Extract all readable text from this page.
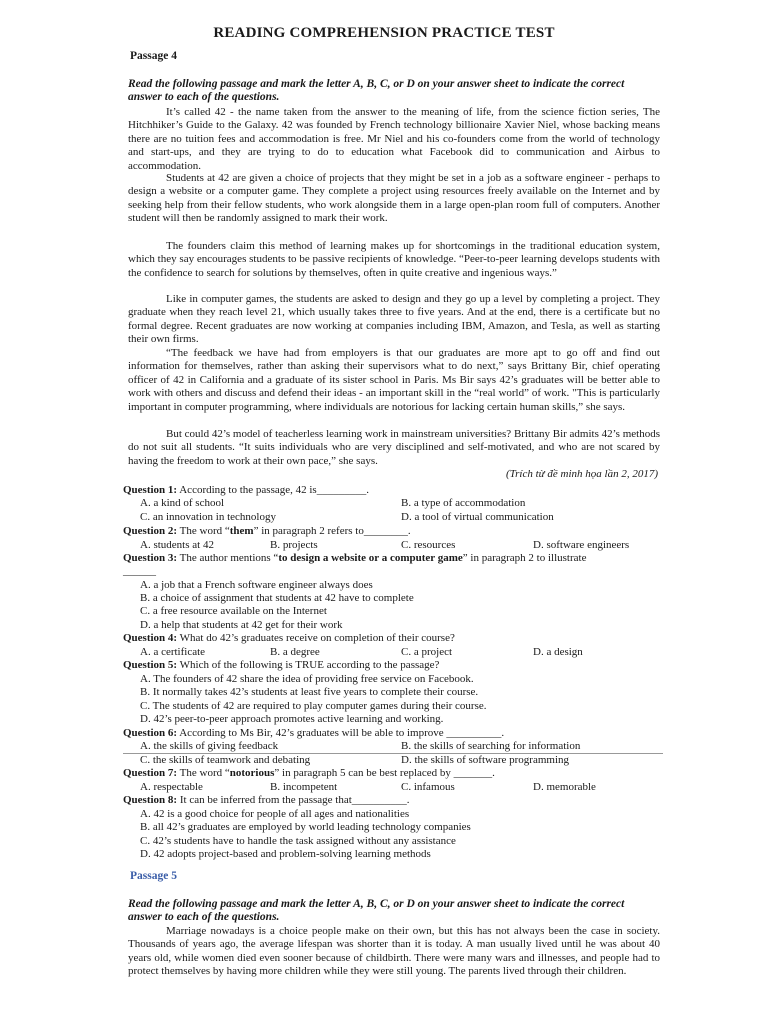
READING COMPREHENSION PRACTICE TEST
Passage 4
Read the following passage and mark the letter A, B, C, or D on your answer sheet to indicate the correct answer to each of the questions.
It’s called 42 - the name taken from the answer to the meaning of life, from the science fiction series, The Hitchhiker’s Guide to the Galaxy. 42 was founded by French technology billionaire Xavier Niel, whose backing means there are no tuition fees and accommodation is free. Mr Niel and his co-founders come from the world of technology and start-ups, and they are trying to do to education what Facebook did to communication and Airbus to accommodation.
Students at 42 are given a choice of projects that they might be set in a job as a software engineer - perhaps to design a website or a computer game. They complete a project using resources freely available on the Internet and by seeking help from their fellow students, who work alongside them in a large open-plan room full of computers. Another student will then be randomly assigned to mark their work.
The founders claim this method of learning makes up for shortcomings in the traditional education system, which they say encourages students to be passive recipients of knowledge. “Peer-to-peer learning develops students with the confidence to search for solutions by themselves, often in quite creative and ingenious ways.”
Like in computer games, the students are asked to design and they go up a level by completing a project. They graduate when they reach level 21, which usually takes three to five years. And at the end, there is a certificate but no formal degree. Recent graduates are now working at companies including IBM, Amazon, and Tesla, as well as starting their own firms.
“The feedback we have had from employers is that our graduates are more apt to go off and find out information for themselves, rather than asking their supervisors what to do next,” says Brittany Bir, chief operating officer of 42 in California and a graduate of its sister school in Paris. Ms Bir says 42’s graduates will be better able to work with others and discuss and defend their ideas - an important skill in the “real world” of work. "This is particularly important in computer programming, where individuals are notorious for lacking certain human skills,” she says.
But could 42’s model of teacherless learning work in mainstream universities? Brittany Bir admits 42’s methods do not suit all students. “It suits individuals who are very disciplined and self-motivated, and who are not scared by having the freedom to work at their own pace,” she says.
(Trích từ đề minh họa lần 2, 2017)
Question 1: According to the passage, 42 is_________.
A. a kind of school	B. a type of accommodation
C. an innovation in technology	D. a tool of virtual communication
Question 2: The word “them” in paragraph 2 refers to________.
A. students at 42	B. projects	C. resources	D. software engineers
Question 3: The author mentions “to design a website or a computer game” in paragraph 2 to illustrate
______
A. a job that a French software engineer always does
B. a choice of assignment that students at 42 have to complete
C. a free resource available on the Internet
D. a help that students at 42 get for their work
Question 4: What do 42’s graduates receive on completion of their course?
A. a certificate	B. a degree	C. a project	D. a design
Question 5: Which of the following is TRUE according to the passage?
A. The founders of 42 share the idea of providing free service on Facebook.
B. It normally takes 42’s students at least five years to complete their course.
C. The students of 42 are required to play computer games during their course.
D. 42’s peer-to-peer approach promotes active learning and working.
Question 6: According to Ms Bir, 42’s graduates will be able to improve __________.
A. the skills of giving feedback	B. the skills of searching for information
C. the skills of teamwork and debating	D. the skills of software programming
Question 7: The word “notorious” in paragraph 5 can be best replaced by _______.
A. respectable	B. incompetent	C. infamous	D. memorable
Question 8: It can be inferred from the passage that__________.
A. 42 is a good choice for people of all ages and nationalities
B. all 42’s graduates are employed by world leading technology companies
C. 42’s students have to handle the task assigned without any assistance
D. 42 adopts project-based and problem-solving learning methods
Passage 5
Read the following passage and mark the letter A, B, C, or D on your answer sheet to indicate the correct answer to each of the questions.
Marriage nowadays is a choice people make on their own, but this has not always been the case in society. Thousands of years ago, the average lifespan was shorter than it is today. A man usually lived until he was about 40 years old, while women died even sooner because of childbirth. There were many wars and illnesses, and people had to protect themselves by having more children while they were still young. The parents lived through their children.
